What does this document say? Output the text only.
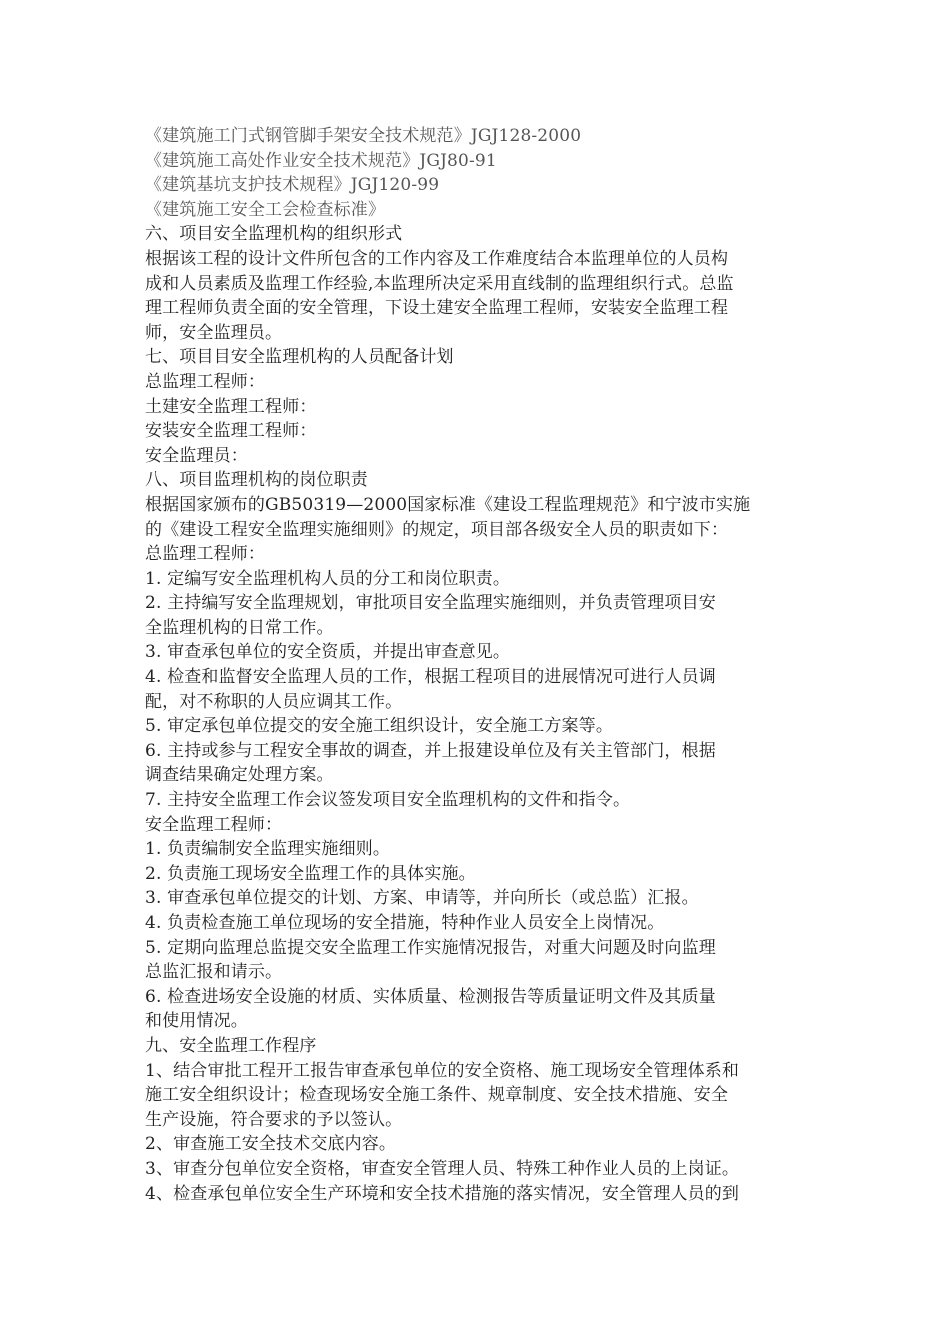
《建筑施工门式钢管脚手架安全技术规范》JGJ128-2000
《建筑施工高处作业安全技术规范》JGJ80-91
《建筑基坑支护技术规程》JGJ120-99
《建筑施工安全工会检查标准》
六、项目安全监理机构的组织形式
根据该工程的设计文件所包含的工作内容及工作难度结合本监理单位的人员构
成和人员素质及监理工作经验,本监理所决定采用直线制的监理组织行式。总监
理工程师负责全面的安全管理，下设土建安全监理工程师，安装安全监理工程
师，安全监理员。
七、项目目安全监理机构的人员配备计划
总监理工程师：
土建安全监理工程师：
安装安全监理工程师：
安全监理员：
八、项目监理机构的岗位职责
根据国家颁布的GB50319—2000国家标准《建设工程监理规范》和宁波市实施
的《建设工程安全监理实施细则》的规定，项目部各级安全人员的职责如下：
总监理工程师：
1. 定编写安全监理机构人员的分工和岗位职责。
2. 主持编写安全监理规划，审批项目安全监理实施细则，并负责管理项目安
全监理机构的日常工作。
3. 审查承包单位的安全资质，并提出审查意见。
4. 检查和监督安全监理人员的工作，根据工程项目的进展情况可进行人员调
配，对不称职的人员应调其工作。
5. 审定承包单位提交的安全施工组织设计，安全施工方案等。
6. 主持或参与工程安全事故的调查，并上报建设单位及有关主管部门，根据
调查结果确定处理方案。
7. 主持安全监理工作会议签发项目安全监理机构的文件和指令。
安全监理工程师：
1. 负责编制安全监理实施细则。
2. 负责施工现场安全监理工作的具体实施。
3. 审查承包单位提交的计划、方案、申请等，并向所长（或总监）汇报。
4. 负责检查施工单位现场的安全措施，特种作业人员安全上岗情况。
5. 定期向监理总监提交安全监理工作实施情况报告，对重大问题及时向监理
总监汇报和请示。
6. 检查进场安全设施的材质、实体质量、检测报告等质量证明文件及其质量
和使用情况。
九、安全监理工作程序
1、结合审批工程开工报告审查承包单位的安全资格、施工现场安全管理体系和
施工安全组织设计；检查现场安全施工条件、规章制度、安全技术措施、安全
生产设施，符合要求的予以签认。
2、审查施工安全技术交底内容。
3、审查分包单位安全资格，审查安全管理人员、特殊工种作业人员的上岗证。
4、检查承包单位安全生产环境和安全技术措施的落实情况，安全管理人员的到
